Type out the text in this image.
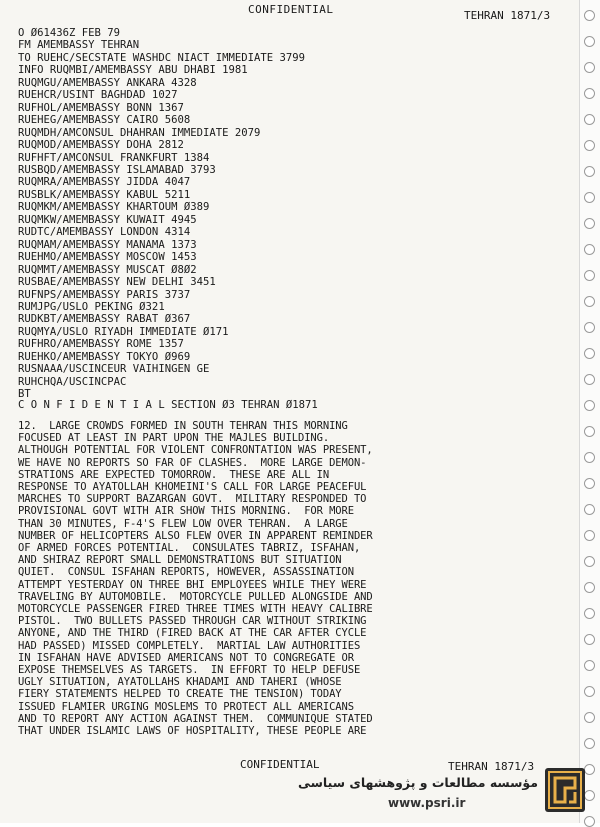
CONFIDENTIAL	TEHRAN 1871/3
O Ø61436Z FEB 79
FM AMEMBASSY TEHRAN
TO RUEHC/SECSTATE WASHDC NIACT IMMEDIATE 3799
INFO RUQMBI/AMEMBASSY ABU DHABI 1981
RUQMGU/AMEMBASSY ANKARA 4328
RUEHCR/USINT BAGHDAD 1027
RUFHOL/AMEMBASSY BONN 1367
RUEHEG/AMEMBASSY CAIRO 5608
RUQMDH/AMCONSUL DHAHRAN IMMEDIATE 2079
RUQMOD/AMEMBASSY DOHA 2812
RUFHFT/AMCONSUL FRANKFURT 1384
RUSBQD/AMEMBASSY ISLAMABAD 3793
RUQMRA/AMEMBASSY JIDDA 4047
RUSBLK/AMEMBASSY KABUL 5211
RUQMKM/AMEMBASSY KHARTOUM Ø389
RUQMKW/AMEMBASSY KUWAIT 4945
RUDTC/AMEMBASSY LONDON 4314
RUQMAM/AMEMBASSY MANAMA 1373
RUEHMO/AMEMBASSY MOSCOW 1453
RUQMMT/AMEMBASSY MUSCAT Ø8Ø2
RUSBAE/AMEMBASSY NEW DELHI 3451
RUFNPS/AMEMBASSY PARIS 3737
RUMJPG/USLO PEKING Ø321
RUDKBT/AMEMBASSY RABAT Ø367
RUQMYA/USLO RIYADH IMMEDIATE Ø171
RUFHRO/AMEMBASSY ROME 1357
RUEHKO/AMEMBASSY TOKYO Ø969
RUSNAAA/USCINCEUR VAIHINGEN GE
RUHCHQA/USCINCPAC
BT
C O N F I D E N T I A L SECTION Ø3 TEHRAN Ø1871
12.  LARGE CROWDS FORMED IN SOUTH TEHRAN THIS MORNING
FOCUSED AT LEAST IN PART UPON THE MAJLES BUILDING.
ALTHOUGH POTENTIAL FOR VIOLENT CONFRONTATION WAS PRESENT,
WE HAVE NO REPORTS SO FAR OF CLASHES.  MORE LARGE DEMON-
STRATIONS ARE EXPECTED TOMORROW.  THESE ARE ALL IN
RESPONSE TO AYATOLLAH KHOMEINI'S CALL FOR LARGE PEACEFUL
MARCHES TO SUPPORT BAZARGAN GOVT.  MILITARY RESPONDED TO
PROVISIONAL GOVT WITH AIR SHOW THIS MORNING.  FOR MORE
THAN 30 MINUTES, F-4'S FLEW LOW OVER TEHRAN.  A LARGE
NUMBER OF HELICOPTERS ALSO FLEW OVER IN APPARENT REMINDER
OF ARMED FORCES POTENTIAL.  CONSULATES TABRIZ, ISFAHAN,
AND SHIRAZ REPORT SMALL DEMONSTRATIONS BUT SITUATION
QUIET.  CONSUL ISFAHAN REPORTS, HOWEVER, ASSASSINATION
ATTEMPT YESTERDAY ON THREE BHI EMPLOYEES WHILE THEY WERE
TRAVELING BY AUTOMOBILE.  MOTORCYCLE PULLED ALONGSIDE AND
MOTORCYCLE PASSENGER FIRED THREE TIMES WITH HEAVY CALIBRE
PISTOL.  TWO BULLETS PASSED THROUGH CAR WITHOUT STRIKING
ANYONE, AND THE THIRD (FIRED BACK AT THE CAR AFTER CYCLE
HAD PASSED) MISSED COMPLETELY.  MARTIAL LAW AUTHORITIES
IN ISFAHAN HAVE ADVISED AMERICANS NOT TO CONGREGATE OR
EXPOSE THEMSELVES AS TARGETS.  IN EFFORT TO HELP DEFUSE
UGLY SITUATION, AYATOLLAHS KHADAMI AND TAHERI (WHOSE
FIERY STATEMENTS HELPED TO CREATE THE TENSION) TODAY
ISSUED FLAMIER URGING MOSLEMS TO PROTECT ALL AMERICANS
AND TO REPORT ANY ACTION AGAINST THEM.  COMMUNIQUE STATED
THAT UNDER ISLAMIC LAWS OF HOSPITALITY, THESE PEOPLE ARE
CONFIDENTIAL	TEHRAN 1871/3
مؤسسه مطالعات و پژوهشهای سیاسی
www.psri.ir
